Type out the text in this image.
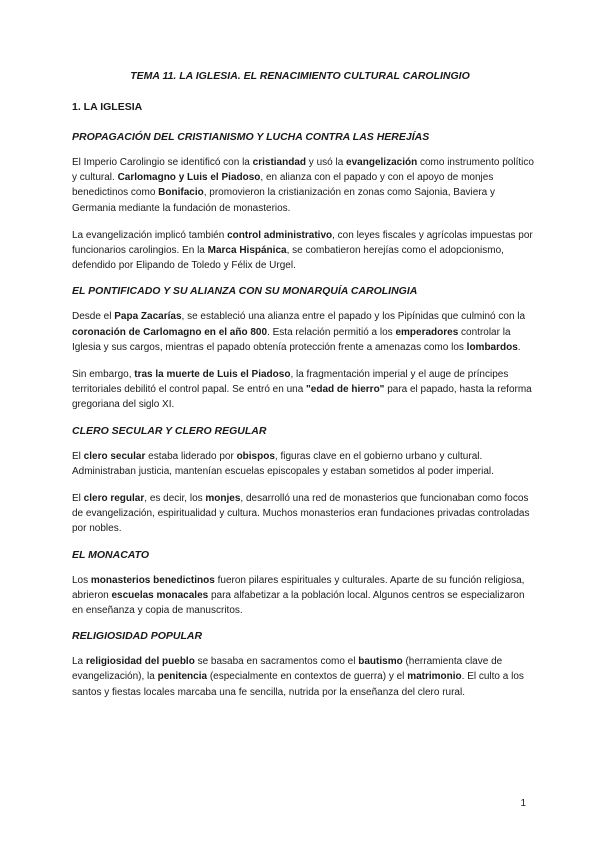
TEMA 11. LA IGLESIA. EL RENACIMIENTO CULTURAL CAROLINGIO
1. LA IGLESIA
PROPAGACIÓN DEL CRISTIANISMO Y LUCHA CONTRA LAS HEREJÍAS

El Imperio Carolingio se identificó con la cristiandad y usó la evangelización como instrumento político y cultural. Carlomagno y Luis el Piadoso, en alianza con el papado y con el apoyo de monjes benedictinos como Bonifacio, promovieron la cristianización en zonas como Sajonia, Baviera y Germania mediante la fundación de monasterios.

La evangelización implicó también control administrativo, con leyes fiscales y agrícolas impuestas por funcionarios carolingios. En la Marca Hispánica, se combatieron herejías como el adopcionismo, defendido por Elipando de Toledo y Félix de Urgel.

EL PONTIFICADO Y SU ALIANZA CON SU MONARQUÍA CAROLINGIA

Desde el Papa Zacarías, se estableció una alianza entre el papado y los Pipínidas que culminó con la coronación de Carlomagno en el año 800. Esta relación permitió a los emperadores controlar la Iglesia y sus cargos, mientras el papado obtenía protección frente a amenazas como los lombardos.

Sin embargo, tras la muerte de Luis el Piadoso, la fragmentación imperial y el auge de príncipes territoriales debilitó el control papal. Se entró en una "edad de hierro" para el papado, hasta la reforma gregoriana del siglo XI.

CLERO SECULAR Y CLERO REGULAR

El clero secular estaba liderado por obispos, figuras clave en el gobierno urbano y cultural. Administraban justicia, mantenían escuelas episcopales y estaban sometidos al poder imperial.

El clero regular, es decir, los monjes, desarrolló una red de monasterios que funcionaban como focos de evangelización, espiritualidad y cultura. Muchos monasterios eran fundaciones privadas controladas por nobles.

EL MONACATO

Los monasterios benedictinos fueron pilares espirituales y culturales. Aparte de su función religiosa, abrieron escuelas monacales para alfabetizar a la población local. Algunos centros se especializaron en enseñanza y copia de manuscritos.

RELIGIOSIDAD POPULAR

La religiosidad del pueblo se basaba en sacramentos como el bautismo (herramienta clave de evangelización), la penitencia (especialmente en contextos de guerra) y el matrimonio. El culto a los santos y fiestas locales marcaba una fe sencilla, nutrida por la enseñanza del clero rural.

1
